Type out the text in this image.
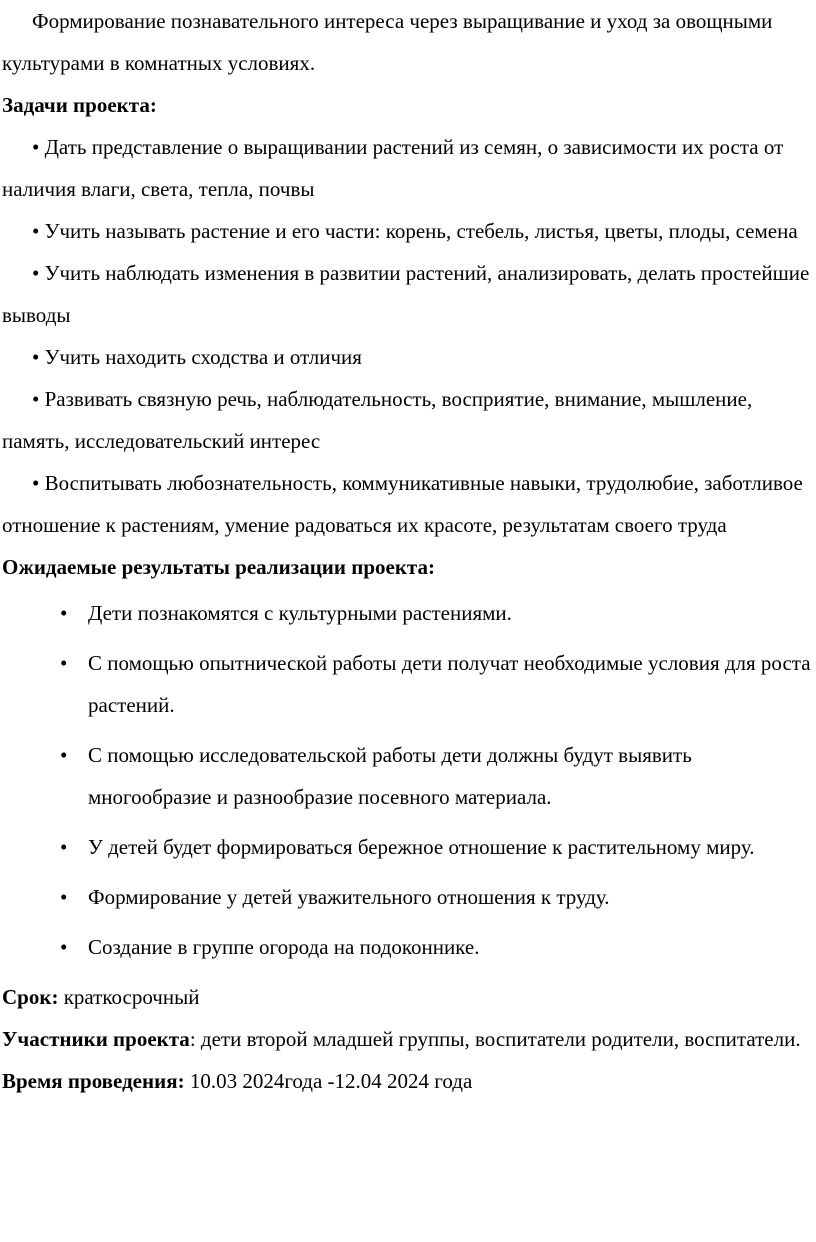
Формирование познавательного интереса через выращивание и уход за овощными культурами в комнатных условиях.

Задачи проекта:

• Дать представление о выращивании растений из семян, о зависимости их роста от наличия влаги, света, тепла, почвы

• Учить называть растение и его части: корень, стебель, листья, цветы, плоды, семена

• Учить наблюдать изменения в развитии растений, анализировать, делать простейшие выводы

• Учить находить сходства и отличия

• Развивать связную речь, наблюдательность, восприятие, внимание, мышление, память, исследовательский интерес

• Воспитывать любознательность, коммуникативные навыки, трудолюбие, заботливое отношение к растениям, умение радоваться их красоте, результатам своего труда

Ожидаемые результаты реализации проекта:

• Дети познакомятся с культурными растениями.
• С помощью опытнической работы дети получат необходимые условия для роста растений.
• С помощью исследовательской работы дети должны будут выявить многообразие и разнообразие посевного материала.
• У детей будет формироваться бережное отношение к растительному миру.
• Формирование у детей уважительного отношения к труду.
• Создание в группе огорода на подоконнике.

Срок: краткосрочный

Участники проекта: дети второй младшей группы, воспитатели родители, воспитатели.

Время проведения: 10.03 2024года -12.04 2024 года
